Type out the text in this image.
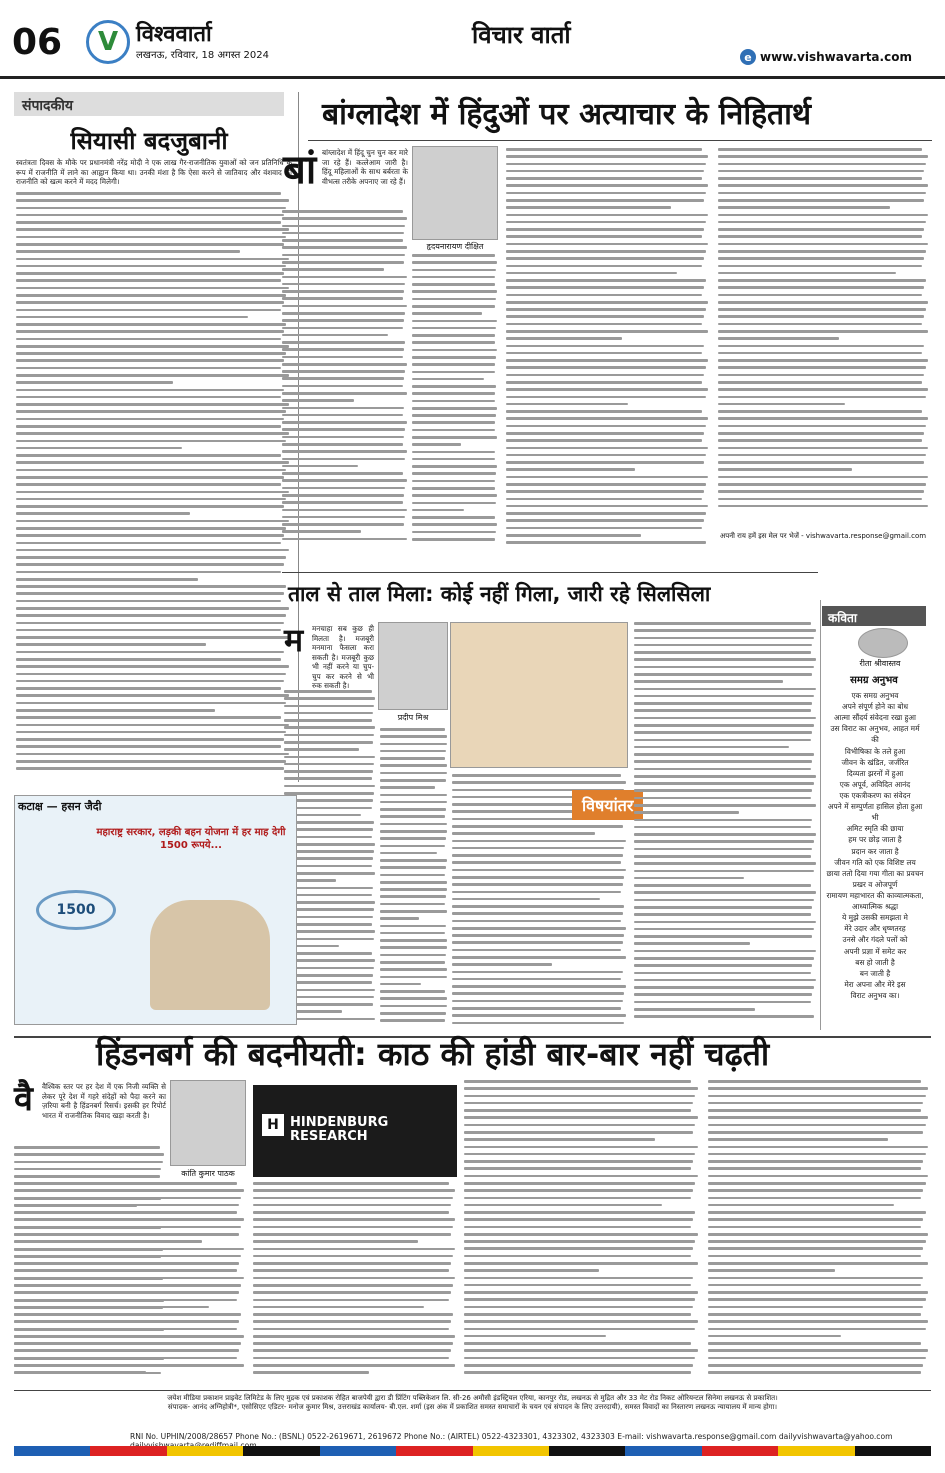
06	V विश्ववार्ता
लखनऊ, रविवार, 18 अगस्त 2024
विचार वार्ता
e www.vishwavarta.com
संपादकीय
सियासी बदजुबानी
स्वतंत्रता दिवस के मौके पर प्रधानमंत्री नरेंद्र मोदी ने एक लाख गैर-राजनीतिक युवाओं को जन प्रतिनिधि के रूप में राजनीति में लाने का आह्वान किया था। उनकी मंशा है कि ऐसा करने से जातिवाद और वंशवाद की राजनीति को खत्म करने में मदद मिलेगी।
बांग्लादेश में हिंदुओं पर अत्याचार के निहितार्थ
बां बांग्लादेश में हिंदू चुन चुन कर मारे जा रहे हैं। कत्लेआम जारी है। हिंदू महिलाओं के साथ बर्बरता के वीभत्स तरीके अपनाए जा रहे हैं।
हृदयनारायण दीक्षित
अपनी राय हमें इस मेल पर भेजें - vishwavarta.response@gmail.com
ताल से ताल मिला: कोई नहीं गिला, जारी रहे सिलसिला
म मनचाहा सब कुछ ही मिलता है। मजबूरी मनमाना फैसला करा सकती है। मजबूरी कुछ भी नहीं करने या चुप-चुप कर करने से भी रुक सकती है।
प्रदीप मिश्र
विषयांतर
कविता
रीता श्रीवास्तव
समग्र अनुभव
एक समग्र अनुभव
अपने संपूर्ण होने का बोध
आत्मा सौंदर्य संवेदना रखा हुआ
उस विराट का अनुभव, आहत मर्म की
विभीषिका के तले हुआ
जीवन के खंडित, जर्जरित
दिव्यता झरनों में हुआ
एक अपूर्व, अविदित आनंद
एक एकत्रीकरण का संवेदन
अपने में सम्पुर्णता हासिल होता हुआ
भी
अमिट स्मृति की छाया
हम पर छोड़ जाता है
प्रदान कर जाता है
जीवन गति को एक विशिष्ट लय
छाया ततो दिया गया गीता का प्रवचन
प्रखर व ओजपूर्ण
रामायण महाभारत की काव्यात्मकता,
आध्यात्मिक श्रद्धा
ये मुझे उसकी समझता मे
मेरे उदार और धृष्णतरह
उनसे और गंदले पलों को
अपनी प्रज्ञा में समेट कर
बस हो जाती है
बन जाती है
मेरा अपना और मेरे इस
विराट अनुभव का।
कटाक्ष — हसन जैदी
महाराष्ट्र सरकार, लड़की बहन योजना में हर माह देगी 1500 रूपये...
1500
हिंडनबर्ग की बदनीयती: काठ की हांडी बार-बार नहीं चढ़ती
वै वैश्विक स्तर पर हर देश में एक निजी व्यक्ति से लेकर पूरे देश में गहरे संदेहों को पैदा करने का ज़रिया बनी है हिंडनबर्ग रिसर्च। इसकी हर रिपोर्ट भारत में राजनीतिक विवाद खड़ा करती है।
कांति कुमार पाठक
H HINDENBURG RESEARCH
जयेश मीडिया प्रकाशन प्राइवेट लिमिटेड के लिए मुद्रक एवं प्रकाशक रोहित बाजपेयी द्वारा डी प्रिंटिंग पब्लिकेशन लि. सी-26 अमौसी इंडस्ट्रियल एरिया, कानपुर रोड, लखनऊ से मुद्रित और 33 मेट रोड निकट ओरियन्टल सिनेमा लखनऊ से प्रकाशित।
संपादक- आनंद अग्निहोत्री*, एसोसिएट एडिटर- मनोज कुमार मिश्र, उत्तराखंड कार्यालय- बी.एल. शर्मा (इस अंक में प्रकाशित समस्त समाचारों के चयन एवं संपादन के लिए उत्तरदायी), समस्त विवादों का निस्तारण लखनऊ न्यायालय में मान्य होगा।
RNI No. UPHIN/2008/28657 Phone No.: (BSNL) 0522-2619671, 2619672 Phone No.: (AIRTEL) 0522-4323301, 4323302, 4323303 E-mail: vishwavarta.response@gmail.com dailyvishwavarta@yahoo.com
